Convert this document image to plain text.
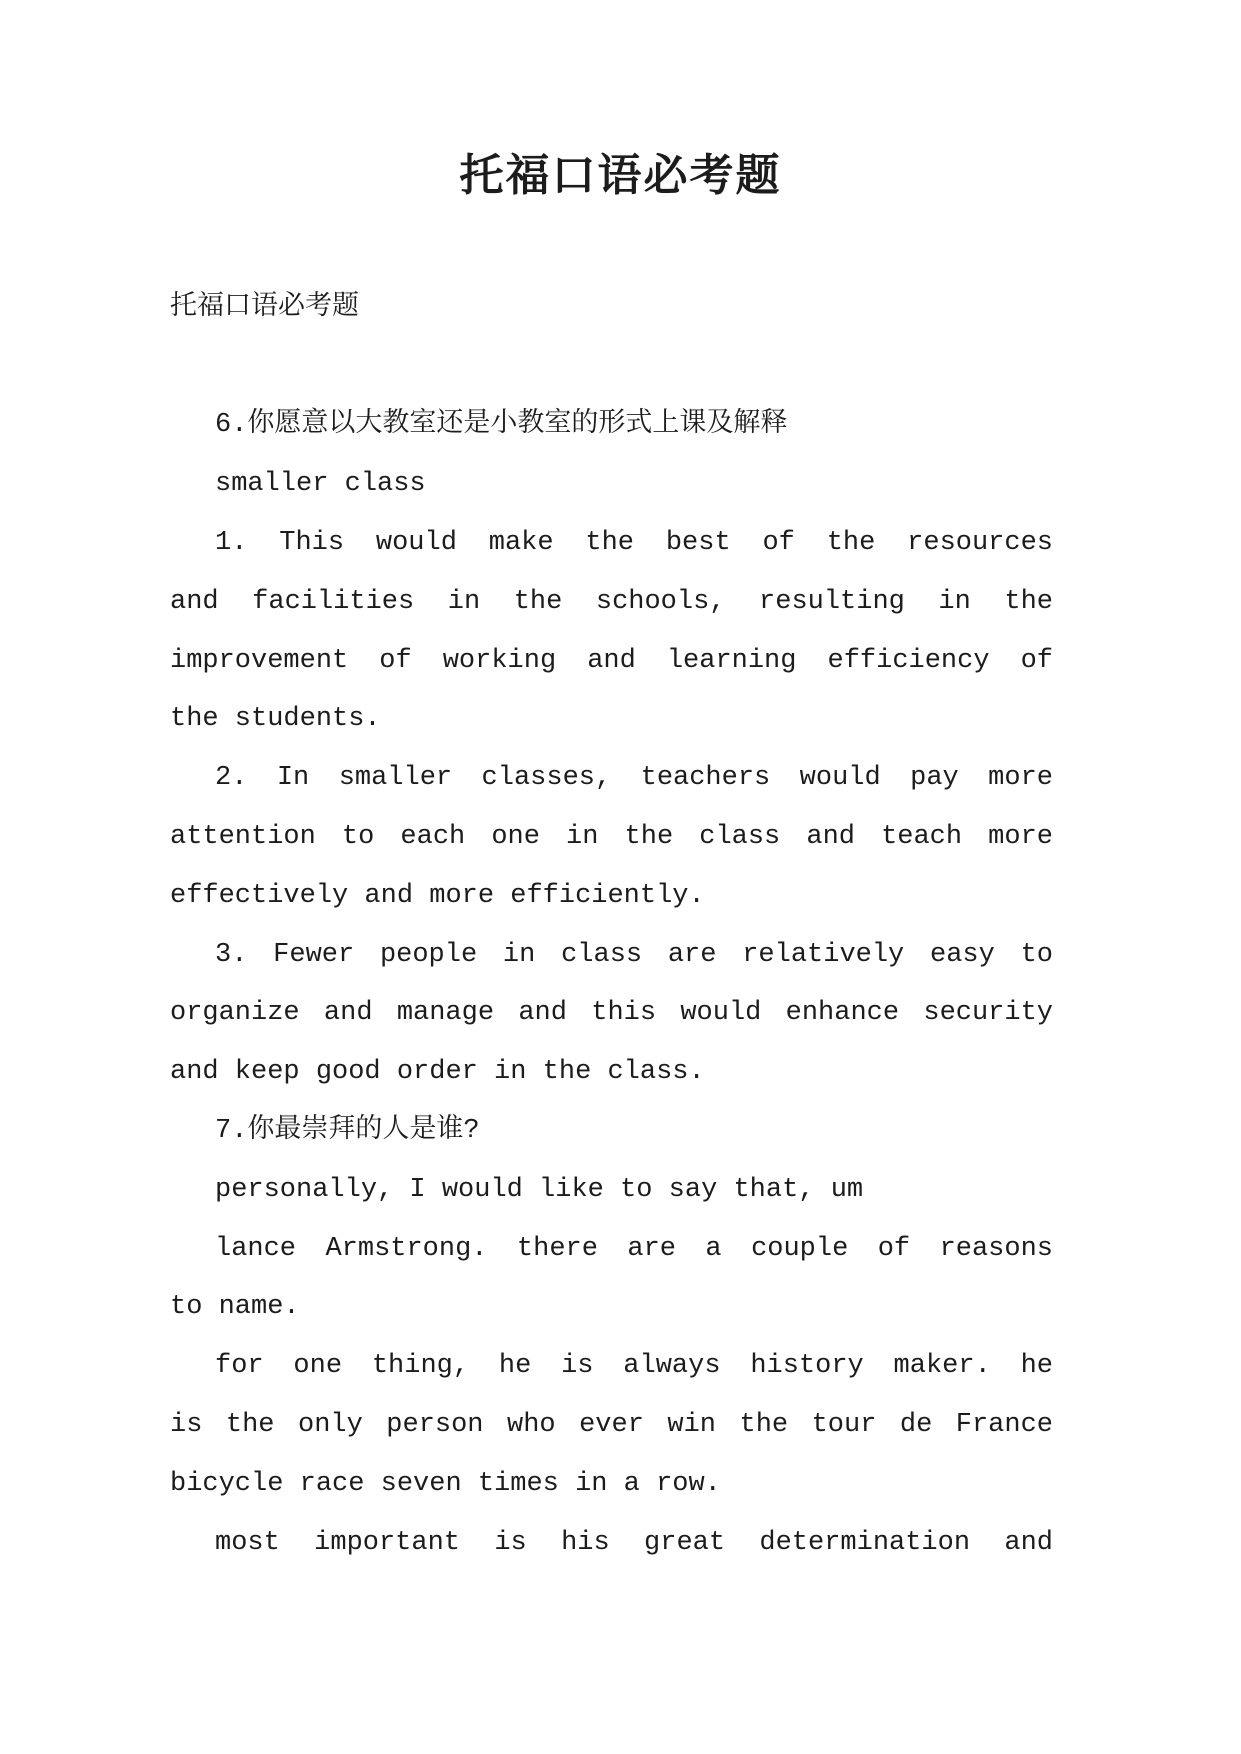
托福口语必考题

托福口语必考题

6.你愿意以大教室还是小教室的形式上课及解释

smaller class

1. This would make the best of the resources

and facilities in the schools, resulting in the

improvement of working and learning efficiency of

the students.

2. In smaller classes, teachers would pay more

attention to each one in the class and teach more

effectively and more efficiently.

3. Fewer people in class are relatively easy to

organize and manage and this would enhance security

and keep good order in the class.

7.你最崇拜的人是谁?

personally, I would like to say that, um

lance Armstrong. there are a couple of reasons

to name.

for one thing, he is always history maker. he

is the only person who ever win the tour de France

bicycle race seven times in a row.

most important is his great determination and
